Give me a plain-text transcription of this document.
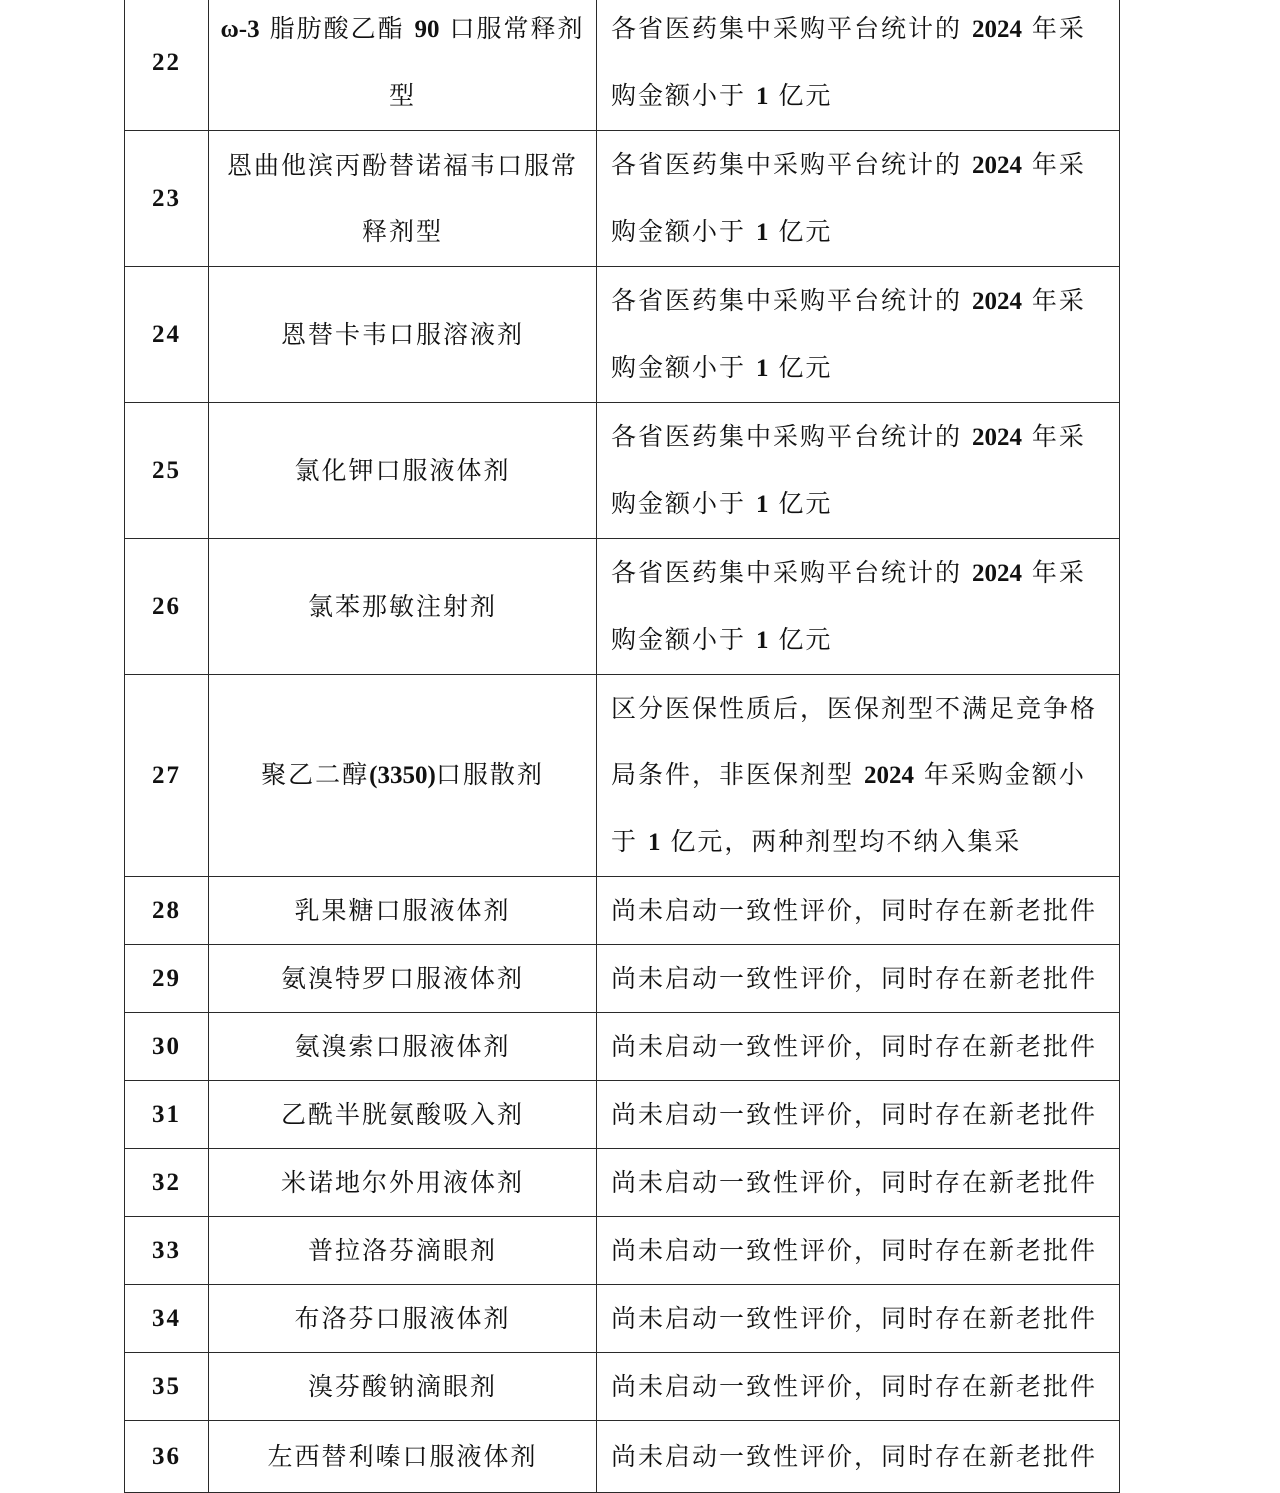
22	ω-3 脂肪酸乙酯 90 口服常释剂型	各省医药集中采购平台统计的 2024 年采购金额小于 1 亿元
23	恩曲他滨丙酚替诺福韦口服常释剂型	各省医药集中采购平台统计的 2024 年采购金额小于 1 亿元
24	恩替卡韦口服溶液剂	各省医药集中采购平台统计的 2024 年采购金额小于 1 亿元
25	氯化钾口服液体剂	各省医药集中采购平台统计的 2024 年采购金额小于 1 亿元
26	氯苯那敏注射剂	各省医药集中采购平台统计的 2024 年采购金额小于 1 亿元
27	聚乙二醇(3350)口服散剂	区分医保性质后，医保剂型不满足竞争格局条件，非医保剂型 2024 年采购金额小于 1 亿元，两种剂型均不纳入集采
28	乳果糖口服液体剂	尚未启动一致性评价，同时存在新老批件
29	氨溴特罗口服液体剂	尚未启动一致性评价，同时存在新老批件
30	氨溴索口服液体剂	尚未启动一致性评价，同时存在新老批件
31	乙酰半胱氨酸吸入剂	尚未启动一致性评价，同时存在新老批件
32	米诺地尔外用液体剂	尚未启动一致性评价，同时存在新老批件
33	普拉洛芬滴眼剂	尚未启动一致性评价，同时存在新老批件
34	布洛芬口服液体剂	尚未启动一致性评价，同时存在新老批件
35	溴芬酸钠滴眼剂	尚未启动一致性评价，同时存在新老批件
36	左西替利嗪口服液体剂	尚未启动一致性评价，同时存在新老批件
